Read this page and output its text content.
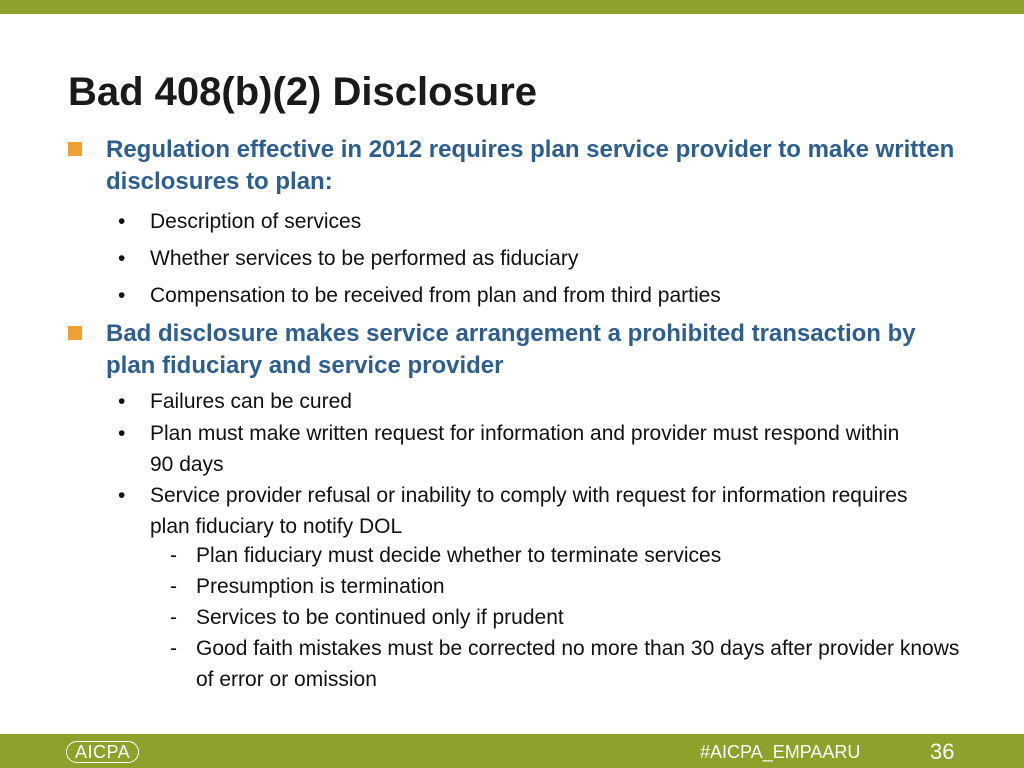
Bad 408(b)(2) Disclosure
Regulation effective in 2012 requires plan service provider to make written disclosures to plan:
• Description of services
• Whether services to be performed as fiduciary
• Compensation to be received from plan and from third parties
Bad disclosure makes service arrangement a prohibited transaction by plan fiduciary and service provider
• Failures can be cured
• Plan must make written request for information and provider must respond within 90 days
• Service provider refusal or inability to comply with request for information requires plan fiduciary to notify DOL
- Plan fiduciary must decide whether to terminate services
- Presumption is termination
- Services to be continued only if prudent
- Good faith mistakes must be corrected no more than 30 days after provider knows of error or omission
AICPA	#AICPA_EMPAARU	36
